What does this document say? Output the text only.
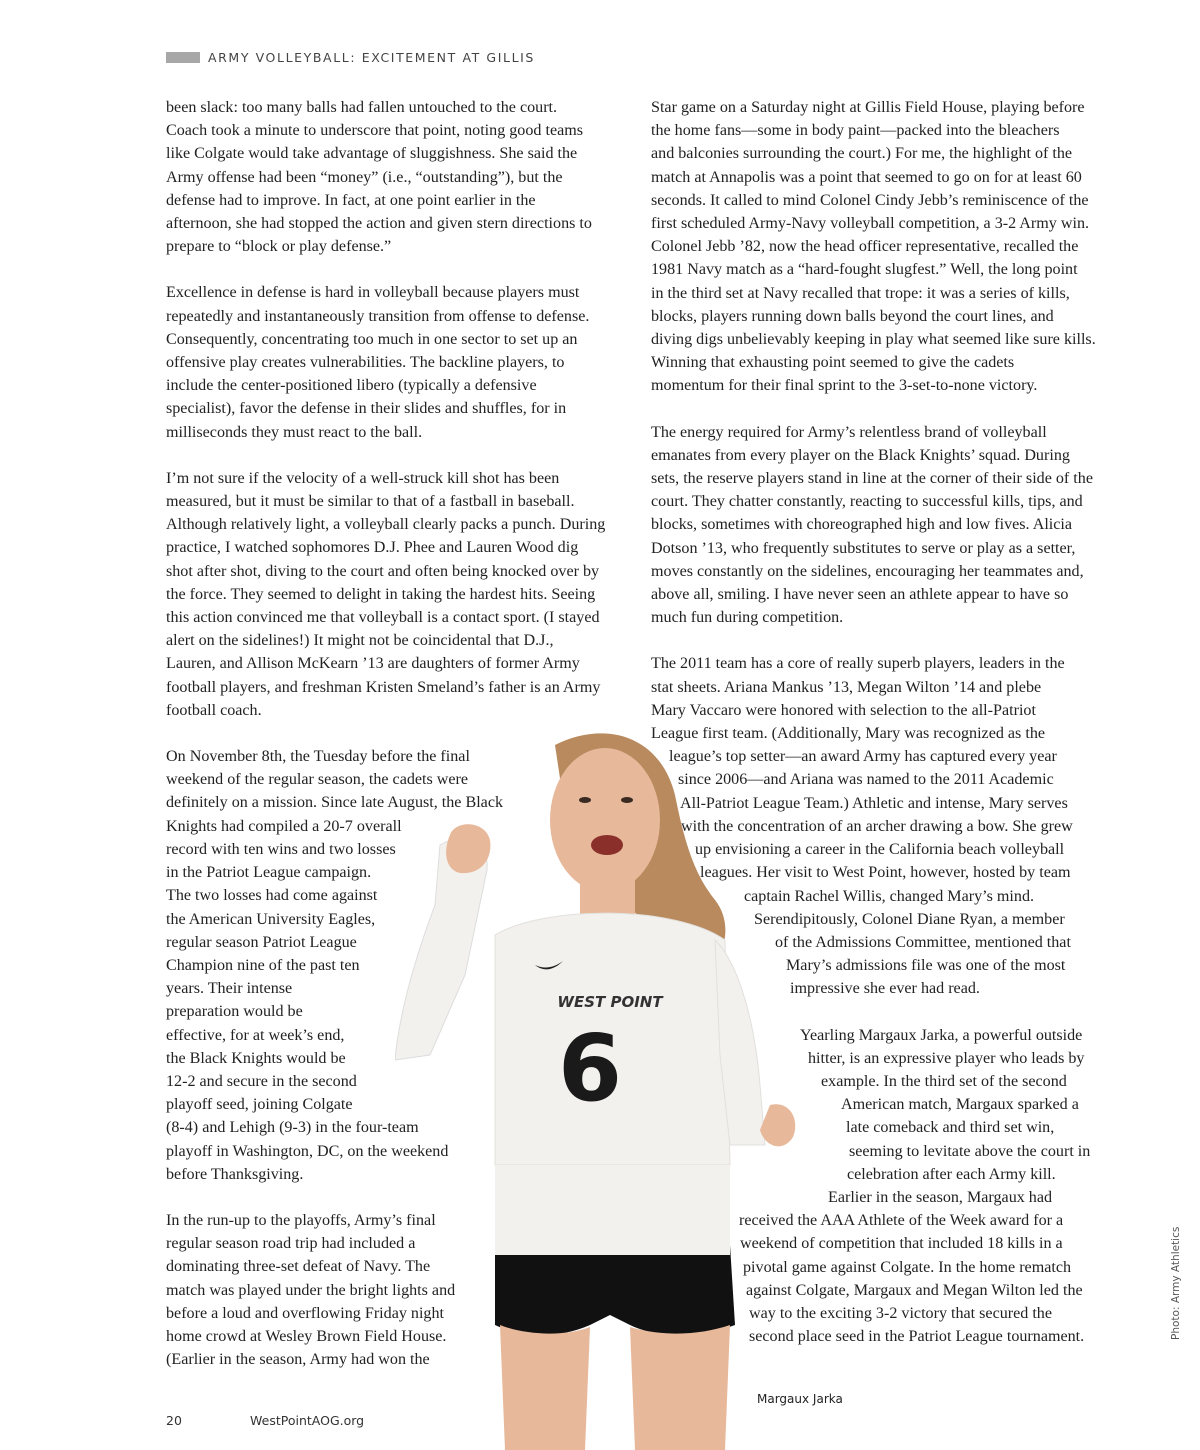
ARMY VOLLEYBALL: EXCITEMENT AT GILLIS

been slack: too many balls had fallen untouched to the court.
Coach took a minute to underscore that point, noting good teams
like Colgate would take advantage of sluggishness. She said the
Army offense had been “money” (i.e., “outstanding”), but the
defense had to improve. In fact, at one point earlier in the
afternoon, she had stopped the action and given stern directions to
prepare to “block or play defense.”

Excellence in defense is hard in volleyball because players must
repeatedly and instantaneously transition from offense to defense.
Consequently, concentrating too much in one sector to set up an
offensive play creates vulnerabilities. The backline players, to
include the center-positioned libero (typically a defensive
specialist), favor the defense in their slides and shuffles, for in
milliseconds they must react to the ball.

I’m not sure if the velocity of a well-struck kill shot has been
measured, but it must be similar to that of a fastball in baseball.
Although relatively light, a volleyball clearly packs a punch. During
practice, I watched sophomores D.J. Phee and Lauren Wood dig
shot after shot, diving to the court and often being knocked over by
the force. They seemed to delight in taking the hardest hits. Seeing
this action convinced me that volleyball is a contact sport. (I stayed
alert on the sidelines!) It might not be coincidental that D.J.,
Lauren, and Allison McKearn ’13 are daughters of former Army
football players, and freshman Kristen Smeland’s father is an Army
football coach.

On November 8th, the Tuesday before the final
weekend of the regular season, the cadets were
definitely on a mission. Since late August, the Black
Knights had compiled a 20-7 overall
record with ten wins and two losses
in the Patriot League campaign.
The two losses had come against
the American University Eagles,
regular season Patriot League
Champion nine of the past ten
years. Their intense
preparation would be
effective, for at week’s end,
the Black Knights would be
12-2 and secure in the second
playoff seed, joining Colgate
(8-4) and Lehigh (9-3) in the four-team
playoff in Washington, DC, on the weekend
before Thanksgiving.

In the run-up to the playoffs, Army’s final
regular season road trip had included a
dominating three-set defeat of Navy. The
match was played under the bright lights and
before a loud and overflowing Friday night
home crowd at Wesley Brown Field House.
(Earlier in the season, Army had won the

Star game on a Saturday night at Gillis Field House, playing before
the home fans—some in body paint—packed into the bleachers
and balconies surrounding the court.) For me, the highlight of the
match at Annapolis was a point that seemed to go on for at least 60
seconds. It called to mind Colonel Cindy Jebb’s reminiscence of the
first scheduled Army-Navy volleyball competition, a 3-2 Army win.
Colonel Jebb ’82, now the head officer representative, recalled the
1981 Navy match as a “hard-fought slugfest.” Well, the long point
in the third set at Navy recalled that trope: it was a series of kills,
blocks, players running down balls beyond the court lines, and
diving digs unbelievably keeping in play what seemed like sure kills.
Winning that exhausting point seemed to give the cadets
momentum for their final sprint to the 3-set-to-none victory.

The energy required for Army’s relentless brand of volleyball
emanates from every player on the Black Knights’ squad. During
sets, the reserve players stand in line at the corner of their side of the
court. They chatter constantly, reacting to successful kills, tips, and
blocks, sometimes with choreographed high and low fives. Alicia
Dotson ’13, who frequently substitutes to serve or play as a setter,
moves constantly on the sidelines, encouraging her teammates and,
above all, smiling. I have never seen an athlete appear to have so
much fun during competition.

The 2011 team has a core of really superb players, leaders in the
stat sheets. Ariana Mankus ’13, Megan Wilton ’14 and plebe
Mary Vaccaro were honored with selection to the all-Patriot
League first team. (Additionally, Mary was recognized as the
league’s top setter—an award Army has captured every year
since 2006—and Ariana was named to the 2011 Academic
All-Patriot League Team.) Athletic and intense, Mary serves
with the concentration of an archer drawing a bow. She grew
up envisioning a career in the California beach volleyball
leagues. Her visit to West Point, however, hosted by team
captain Rachel Willis, changed Mary’s mind.
Serendipitously, Colonel Diane Ryan, a member
of the Admissions Committee, mentioned that
Mary’s admissions file was one of the most
impressive she ever had read.

Yearling Margaux Jarka, a powerful outside
hitter, is an expressive player who leads by
example. In the third set of the second
American match, Margaux sparked a
late comeback and third set win,
seeming to levitate above the court in
celebration after each Army kill.
Earlier in the season, Margaux had
received the AAA Athlete of the Week award for a
weekend of competition that included 18 kills in a
pivotal game against Colgate. In the home rematch
against Colgate, Margaux and Megan Wilton led the
way to the exciting 3-2 victory that secured the
second place seed in the Patriot League tournament.

WEST POINT
6
Margaux Jarka
Photo: Army Athletics
20	WestPointAOG.org
